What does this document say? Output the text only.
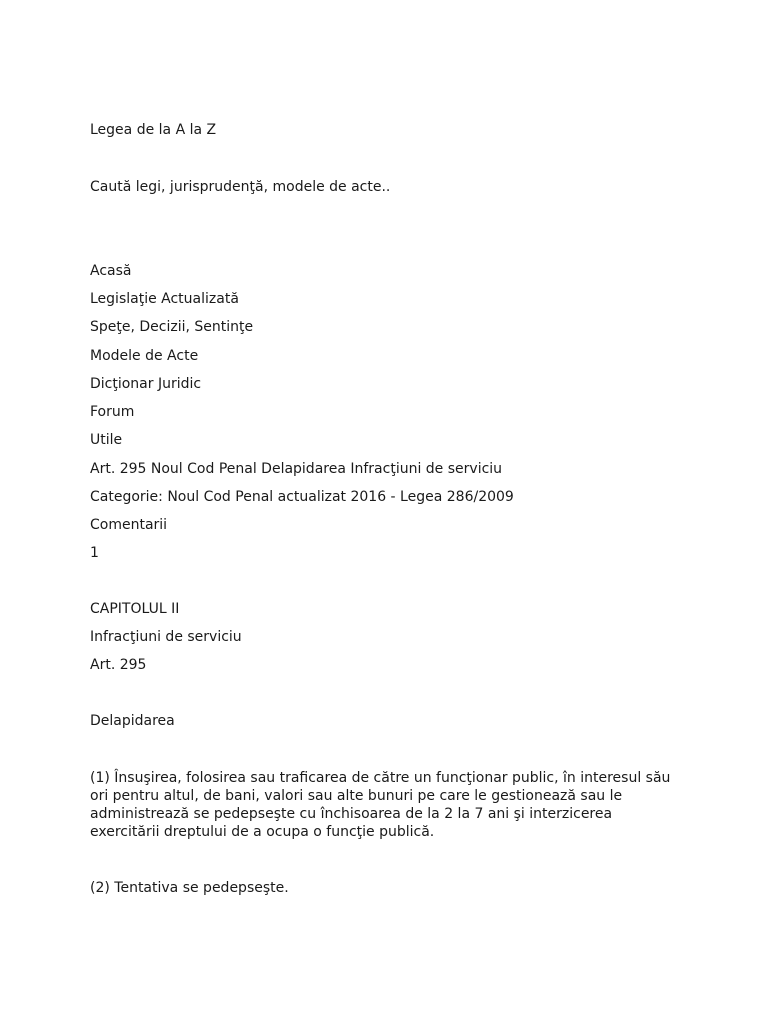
Legea de la A la Z
Caută legi, jurisprudenţă, modele de acte..
Acasă
Legislaţie Actualizată
Speţe, Decizii, Sentinţe
Modele de Acte
Dicţionar Juridic
Forum
Utile
Art. 295 Noul Cod Penal Delapidarea Infracţiuni de serviciu
Categorie: Noul Cod Penal actualizat 2016 - Legea 286/2009
Comentarii
1
CAPITOLUL II
Infracţiuni de serviciu
Art. 295
Delapidarea
(1) Însuşirea, folosirea sau traficarea de către un funcţionar public, în interesul său ori pentru altul, de bani, valori sau alte bunuri pe care le gestionează sau le administrează se pedepseşte cu închisoarea de la 2 la 7 ani şi interzicerea exercitării dreptului de a ocupa o funcţie publică.
(2) Tentativa se pedepseşte.
